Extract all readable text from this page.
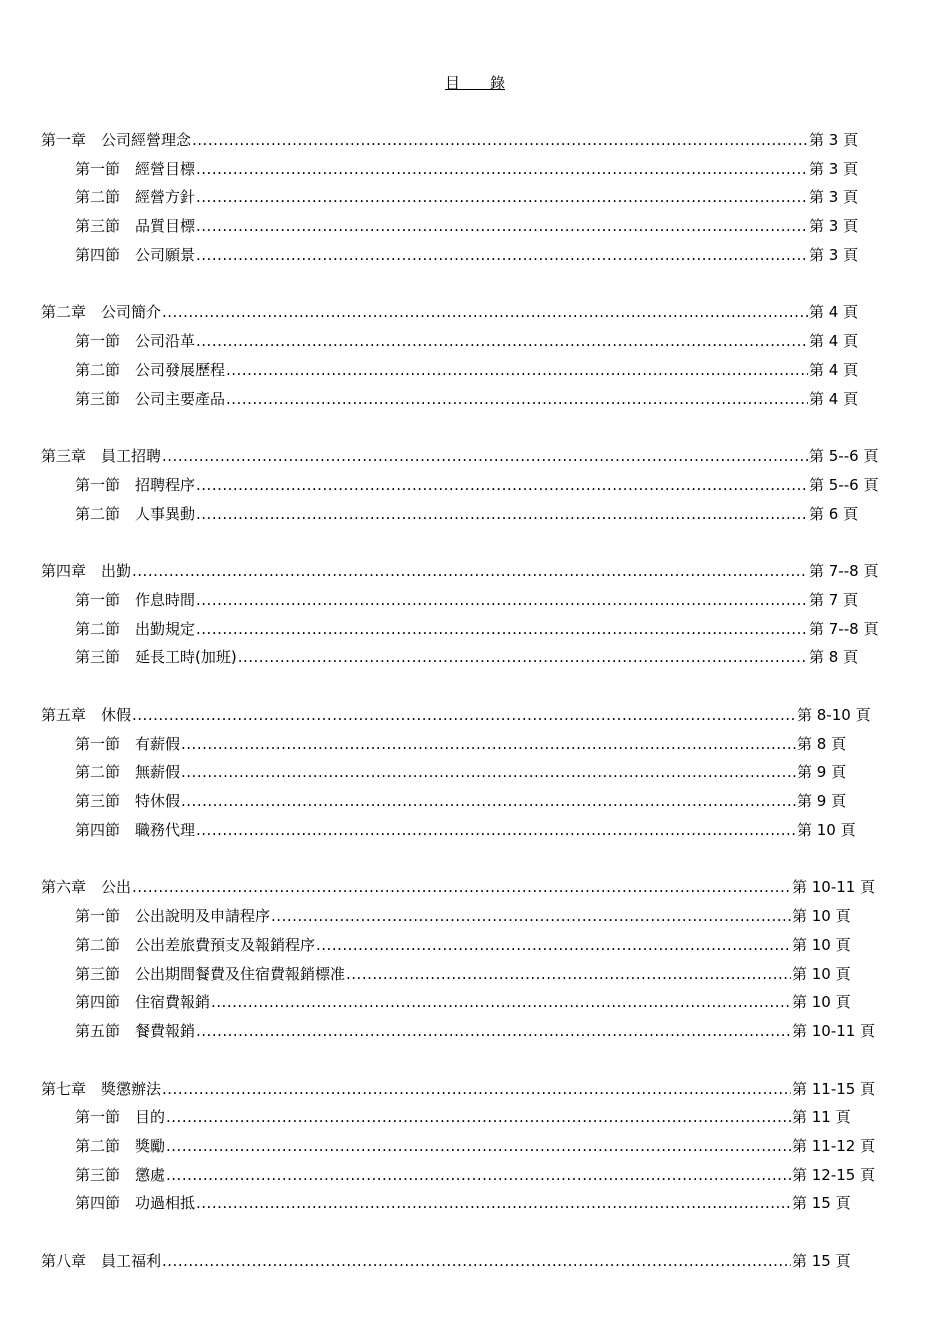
目　　錄
第一章　公司經營理念 .....	第 3 頁
第一節　經營目標 .....	第 3 頁
第二節　經營方針 .....	第 3 頁
第三節　品質目標 .....	第 3 頁
第四節　公司願景 .....	第 3 頁
第二章　公司簡介 .....	第 4 頁
第一節　公司沿革 .....	第 4 頁
第二節　公司發展歷程 .....	第 4 頁
第三節　公司主要產品 .....	第 4 頁
第三章　員工招聘 .....	第 5--6 頁
第一節　招聘程序 .....	第 5--6 頁
第二節　人事異動 .....	第 6 頁
第四章　出勤 .....	第 7--8 頁
第一節　作息時間 .....	第 7 頁
第二節　出勤規定 .....	第 7--8 頁
第三節　延長工時(加班) .....	第 8 頁
第五章　休假 .....	第 8-10 頁
第一節　有薪假 .....	第 8 頁
第二節　無薪假 .....	第 9 頁
第三節　特休假 .....	第 9 頁
第四節　職務代理 .....	第 10 頁
第六章　公出 .....	第 10-11 頁
第一節　公出說明及申請程序 .....	第 10 頁
第二節　公出差旅費預支及報銷程序 .....	第 10 頁
第三節　公出期間餐費及住宿費報銷標准 .....	第 10 頁
第四節　住宿費報銷 .....	第 10 頁
第五節　餐費報銷 .....	第 10-11 頁
第七章　獎懲辦法 .....	第 11-15 頁
第一節　目的 .....	第 11 頁
第二節　獎勵 .....	第 11-12 頁
第三節　懲處 .....	第 12-15 頁
第四節　功過相抵 .....	第 15 頁
第八章　員工福利 .....	第 15 頁
